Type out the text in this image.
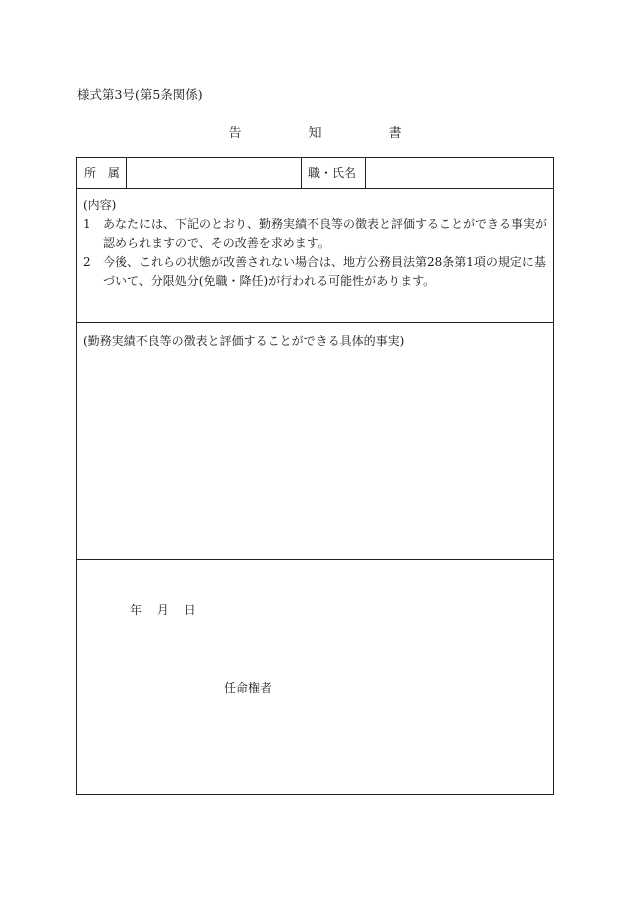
様式第3号(第5条関係)
告　知　書
所 属	職・氏名
(内容)
1	あなたには、下記のとおり、勤務実績不良等の徴表と評価することができる事実が認められますので、その改善を求めます。
2	今後、これらの状態が改善されない場合は、地方公務員法第28条第1項の規定に基づいて、分限処分(免職・降任)が行われる可能性があります。
(勤務実績不良等の徴表と評価することができる具体的事実)
年 月 日
任命権者
